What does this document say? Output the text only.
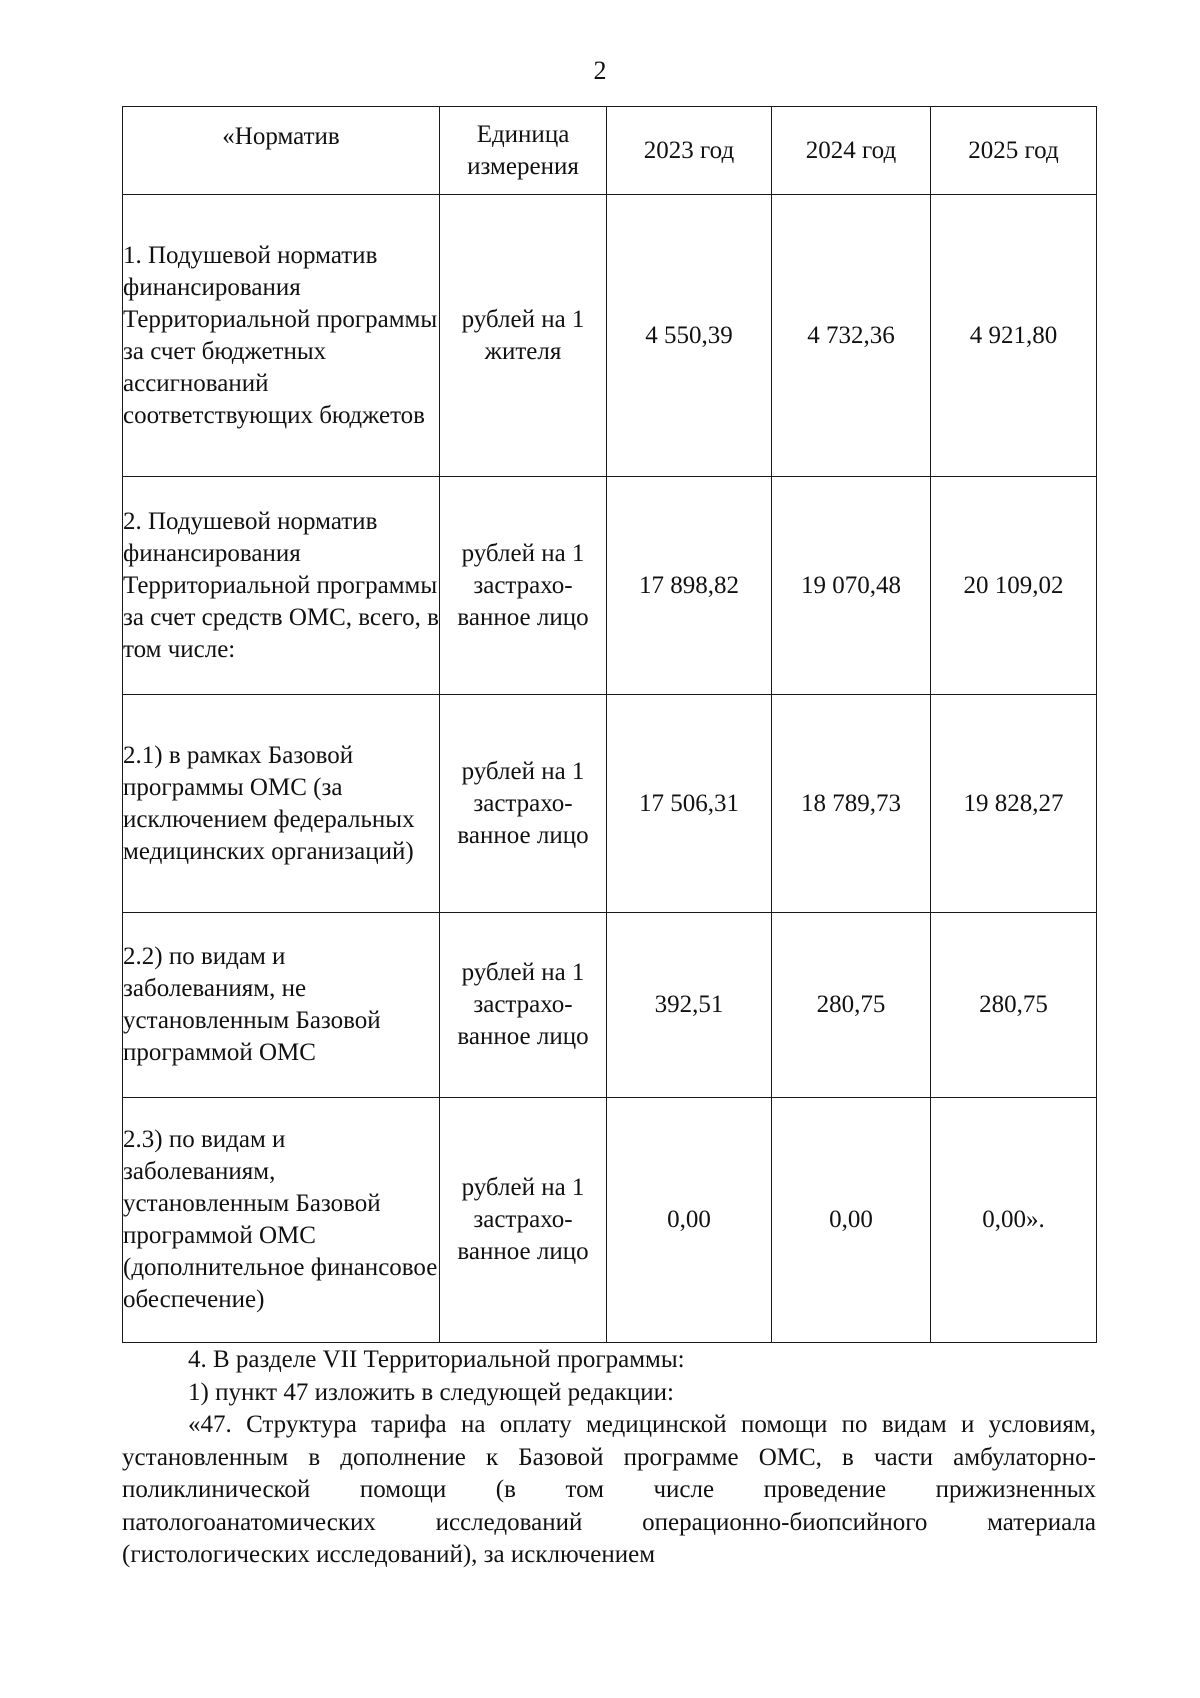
2
«Норматив	Единица измерения	2023 год	2024 год	2025 год
1. Подушевой норматив финансирования Территориальной программы за счет бюджетных ассигнований соответствующих бюджетов	рублей на 1 жителя	4 550,39	4 732,36	4 921,80
2. Подушевой норматив финансирования Территориальной программы за счет средств ОМС, всего, в том числе:	рублей на 1 застрахо-ванное лицо	17 898,82	19 070,48	20 109,02
2.1) в рамках Базовой программы ОМС (за исключением федеральных медицинских организаций)	рублей на 1 застрахо-ванное лицо	17 506,31	18 789,73	19 828,27
2.2) по видам и заболеваниям, не установленным Базовой программой ОМС	рублей на 1 застрахо-ванное лицо	392,51	280,75	280,75
2.3) по видам и заболеваниям, установленным Базовой программой ОМС (дополнительное финансовое обеспечение)	рублей на 1 застрахо-ванное лицо	0,00	0,00	0,00».

4. В разделе VII Территориальной программы:

1) пункт 47 изложить в следующей редакции:

«47. Структура тарифа на оплату медицинской помощи по видам и условиям, установленным в дополнение к Базовой программе ОМС, в части амбулаторно-поликлинической помощи (в том числе проведение прижизненных патологоанатомических исследований операционно-биопсийного материала (гистологических исследований), за исключением
